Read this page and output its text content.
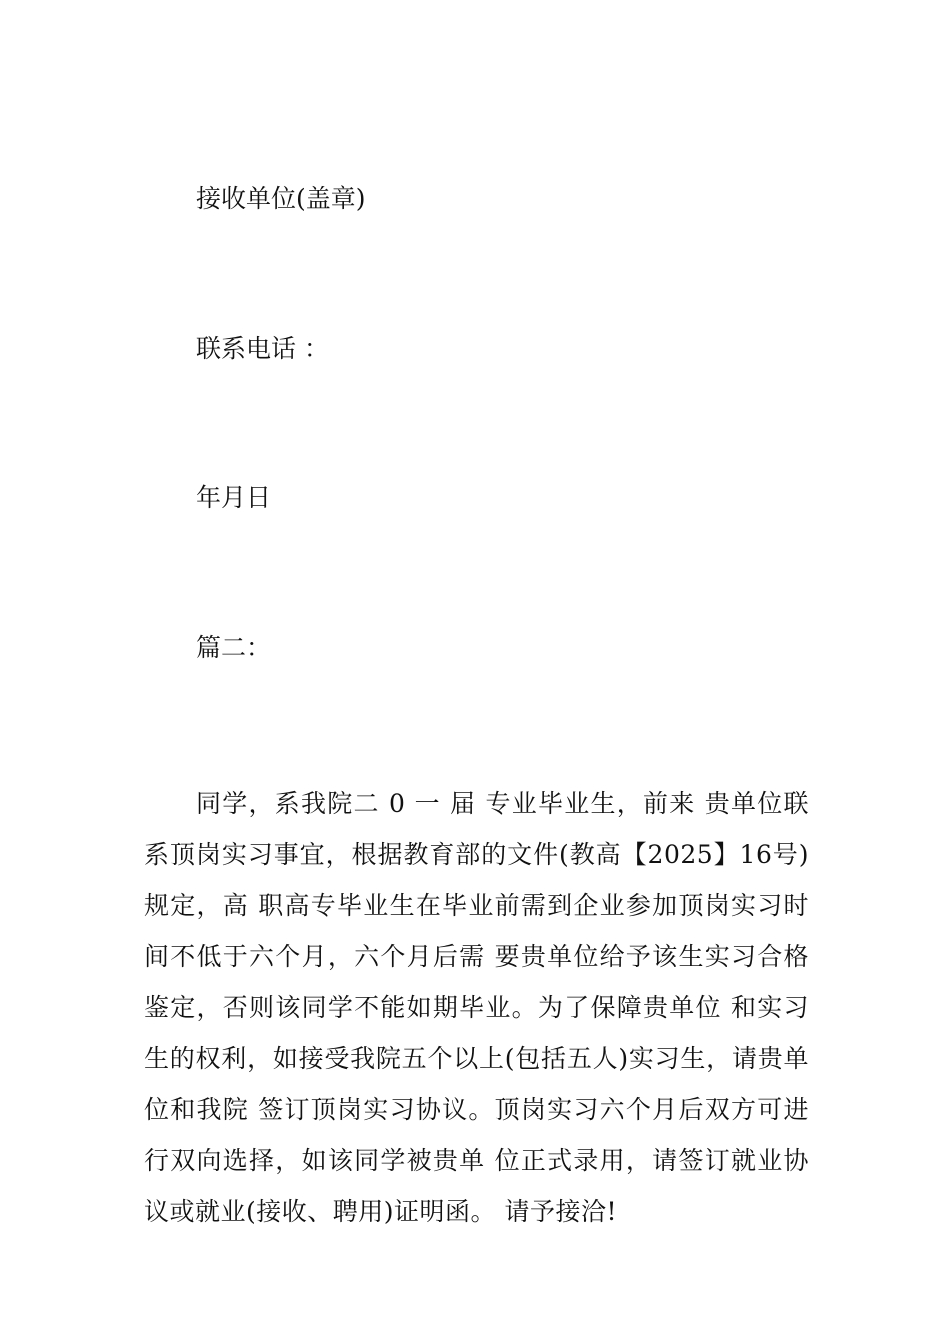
接收单位(盖章)
联系电话 ：
年月日
篇二：

同学，系我院二 0 一 届 专业毕业生，前来 贵单位联系顶岗实习事宜，根据教育部的文件(教高【2025】16号)规定，高 职高专毕业生在毕业前需到企业参加顶岗实习时间不低于六个月，六个月后需 要贵单位给予该生实习合格鉴定，否则该同学不能如期毕业。为了保障贵单位 和实习生的权利，如接受我院五个以上(包括五人)实习生，请贵单位和我院 签订顶岗实习协议。顶岗实习六个月后双方可进行双向选择，如该同学被贵单 位正式录用，请签订就业协议或就业(接收、聘用)证明函。 请予接洽!
